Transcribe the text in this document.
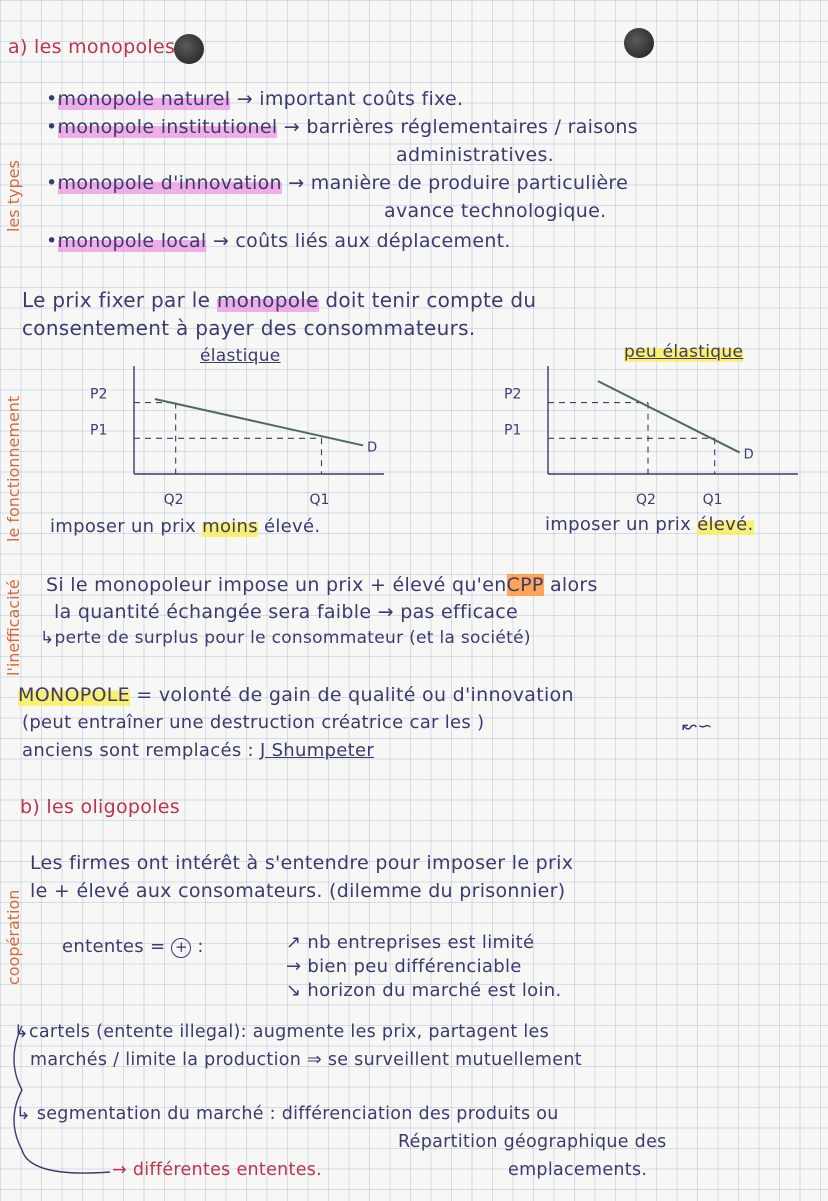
a) les monopoles
les types
le fonctionnement
l'inefficacité
coopération
•monopole naturel → important coûts fixe.
•monopole institutionel → barrières réglementaires / raisons
administratives.
•monopole d'innovation → manière de produire particulière
avance technologique.
•monopole local → coûts liés aux déplacement.
Le prix fixer par le monopole doit tenir compte du
consentement à payer des consommateurs.
élastique	peu élastique
D
P2
P1
Q2	Q1
D
P2
P1
Q2	Q1
imposer un prix moins élevé.	imposer un prix élevé.
Si le monopoleur impose un prix + élevé qu'enCPP alors
la quantité échangée sera faible → pas efficace
↳perte de surplus pour le consommateur (et la société)
MONOPOLE = volonté de gain de qualité ou d'innovation
(peut entraîner une destruction créatrice car les )	↜∽
anciens sont remplacés : J Shumpeter
b) les oligopoles
Les firmes ont intérêt à s'entendre pour imposer le prix
le + élevé aux consomateurs. (dilemme du prisonnier)
ententes = + :	↗ nb entreprises est limité
→ bien peu différenciable
↘ horizon du marché est loin.
↳cartels (entente illegal): augmente les prix, partagent les
marchés / limite la production ⇒ se surveillent mutuellement
↳ segmentation du marché : différenciation des produits ou
Répartition géographique des
emplacements.
→ différentes ententes.
